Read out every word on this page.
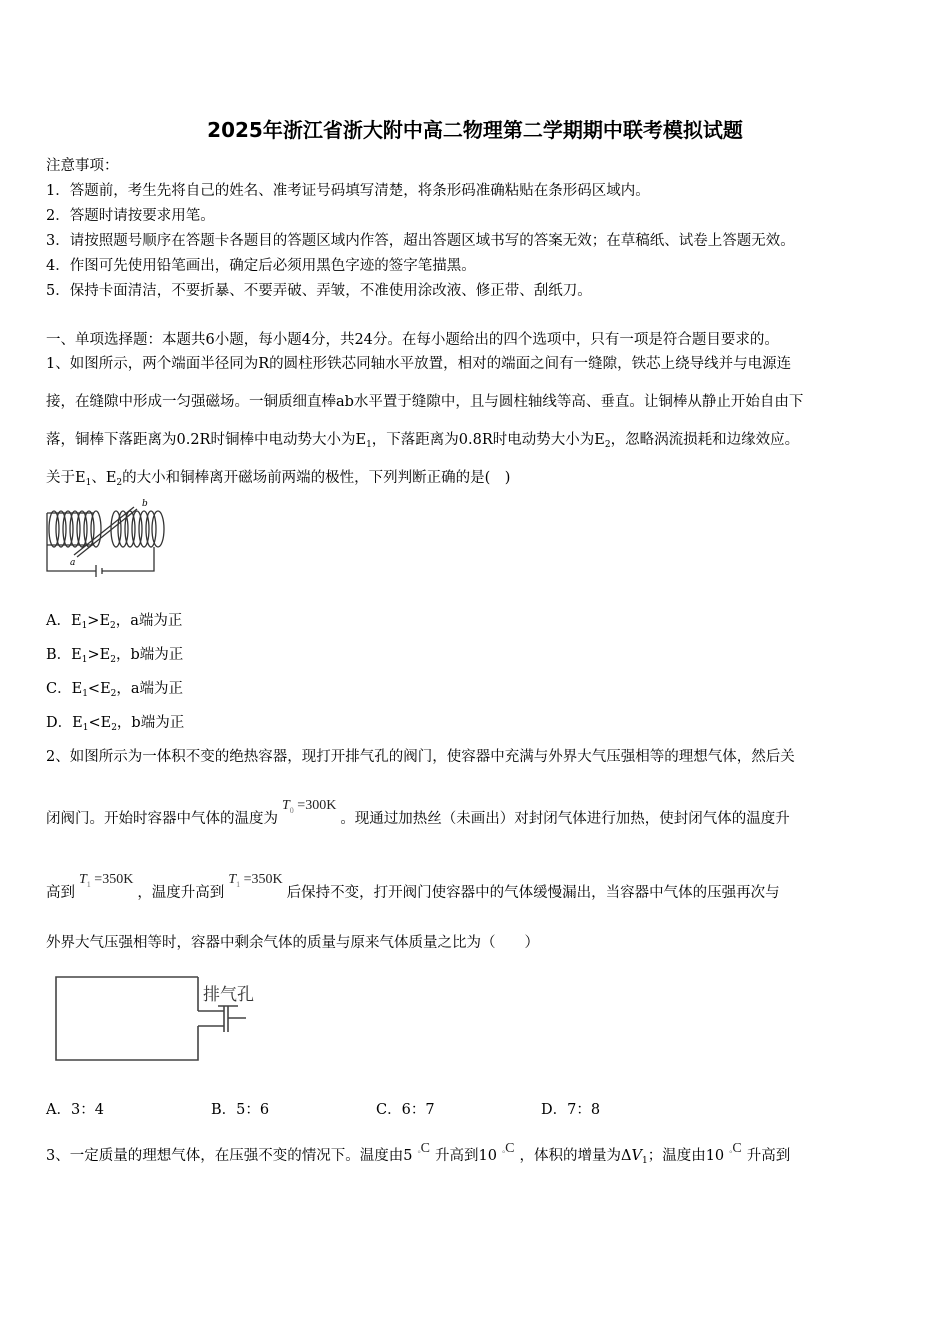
2025年浙江省浙大附中高二物理第二学期期中联考模拟试题
注意事项：
1．答题前，考生先将自己的姓名、准考证号码填写清楚，将条形码准确粘贴在条形码区域内。
2．答题时请按要求用笔。
3．请按照题号顺序在答题卡各题目的答题区域内作答，超出答题区域书写的答案无效；在草稿纸、试卷上答题无效。
4．作图可先使用铅笔画出，确定后必须用黑色字迹的签字笔描黑。
5．保持卡面清洁，不要折暴、不要弄破、弄皱，不准使用涂改液、修正带、刮纸刀。
一、单项选择题：本题共6小题，每小题4分，共24分。在每小题给出的四个选项中，只有一项是符合题目要求的。
1、如图所示，两个端面半径同为R的圆柱形铁芯同轴水平放置，相对的端面之间有一缝隙，铁芯上绕导线并与电源连
接，在缝隙中形成一匀强磁场。一铜质细直棒ab水平置于缝隙中，且与圆柱轴线等高、垂直。让铜棒从静止开始自由下
落，铜棒下落距离为0.2R时铜棒中电动势大小为$E_1$，下落距离为0.8R时电动势大小为$E_2$，忽略涡流损耗和边缘效应。
关于$E_1$、$E_2$的大小和铜棒离开磁场前两端的极性，下列判断正确的是(　)
a
b
A．$E_1>E_2$，a端为正
B．$E_1>E_2$，b端为正
C．$E_1<E_2$，a端为正
D．$E_1<E_2$，b端为正
2、如图所示为一体积不变的绝热容器，现打开排气孔的阀门，使容器中充满与外界大气压强相等的理想气体，然后关
闭阀门。开始时容器中气体的温度为$T_0 =300K$。现通过加热丝（未画出）对封闭气体进行加热，使封闭气体的温度升
高到$T_1 =350K$，温度升高到$T_1 =350K$后保持不变，打开阀门使容器中的气体缓慢漏出，当容器中气体的压强再次与
外界大气压强相等时，容器中剩余气体的质量与原来气体质量之比为（　　）
排气孔
A．3：4	B．5：6	C．6：7	D．7：8
3、一定质量的理想气体，在压强不变的情况下。温度由5 $^\circ$C 升高到10 $^\circ$C ，体积的增量为$\Delta V_1$；温度由10 $^\circ$C 升高到
